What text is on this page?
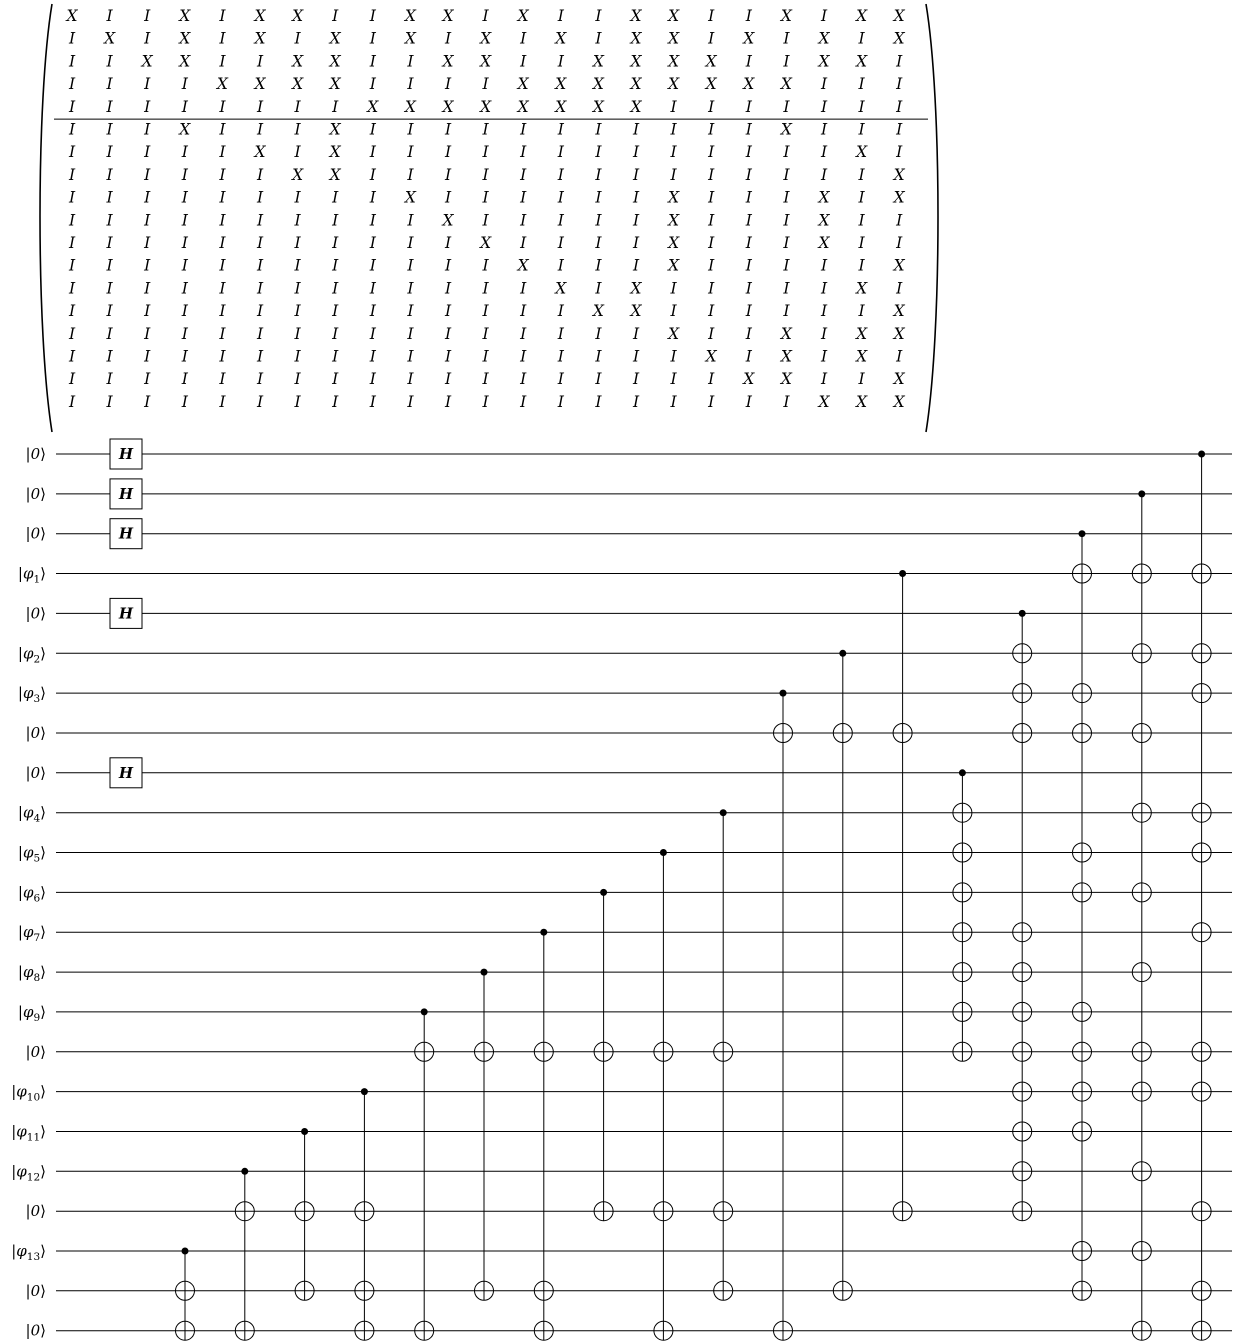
X I I X I X X I I X X I X I I X X I I X I X X
I X I X I X I X I X I X I X I X X I X I X I X
I I X X I I X X I I X X I I X X X X I I X X I
I I I I X X X X I I I I X X X X X X X X I I I
I I I I I I I I X X X X X X X X I I I I I I I
I I I X I I I X I I I I I I I I I I I X I I I
I I I I I X I X I I I I I I I I I I I I I X I
I I I I I I X X I I I I I I I I I I I I I I X
I I I I I I I I I X I I I I I I X I I I X I X
I I I I I I I I I I X I I I I I X I I I X I I
I I I I I I I I I I I X I I I I X I I I X I I
I I I I I I I I I I I I X I I I X I I I I I X
I I I I I I I I I I I I I X I X I I I I I X I
I I I I I I I I I I I I I I X X I I I I I I X
I I I I I I I I I I I I I I I I X I I X I X X
I I I I I I I I I I I I I I I I I X I X I X I
I I I I I I I I I I I I I I I I I I X X I I X
I I I I I I I I I I I I I I I I I I I I X X X
|0⟩
|0⟩
|0⟩
$|\varphi_1⟩$
|0⟩
$|\varphi_2⟩$
$|\varphi_3⟩$
|0⟩
|0⟩
$|\varphi_4⟩$
$|\varphi_5⟩$
$|\varphi_6⟩$
$|\varphi_7⟩$
$|\varphi_8⟩$
$|\varphi_9⟩$
|0⟩
$|\varphi_{10}⟩$
$|\varphi_{11}⟩$
$|\varphi_{12}⟩$
|0⟩
$|\varphi_{13}⟩$
|0⟩
|0⟩
H
H
H
H
H
